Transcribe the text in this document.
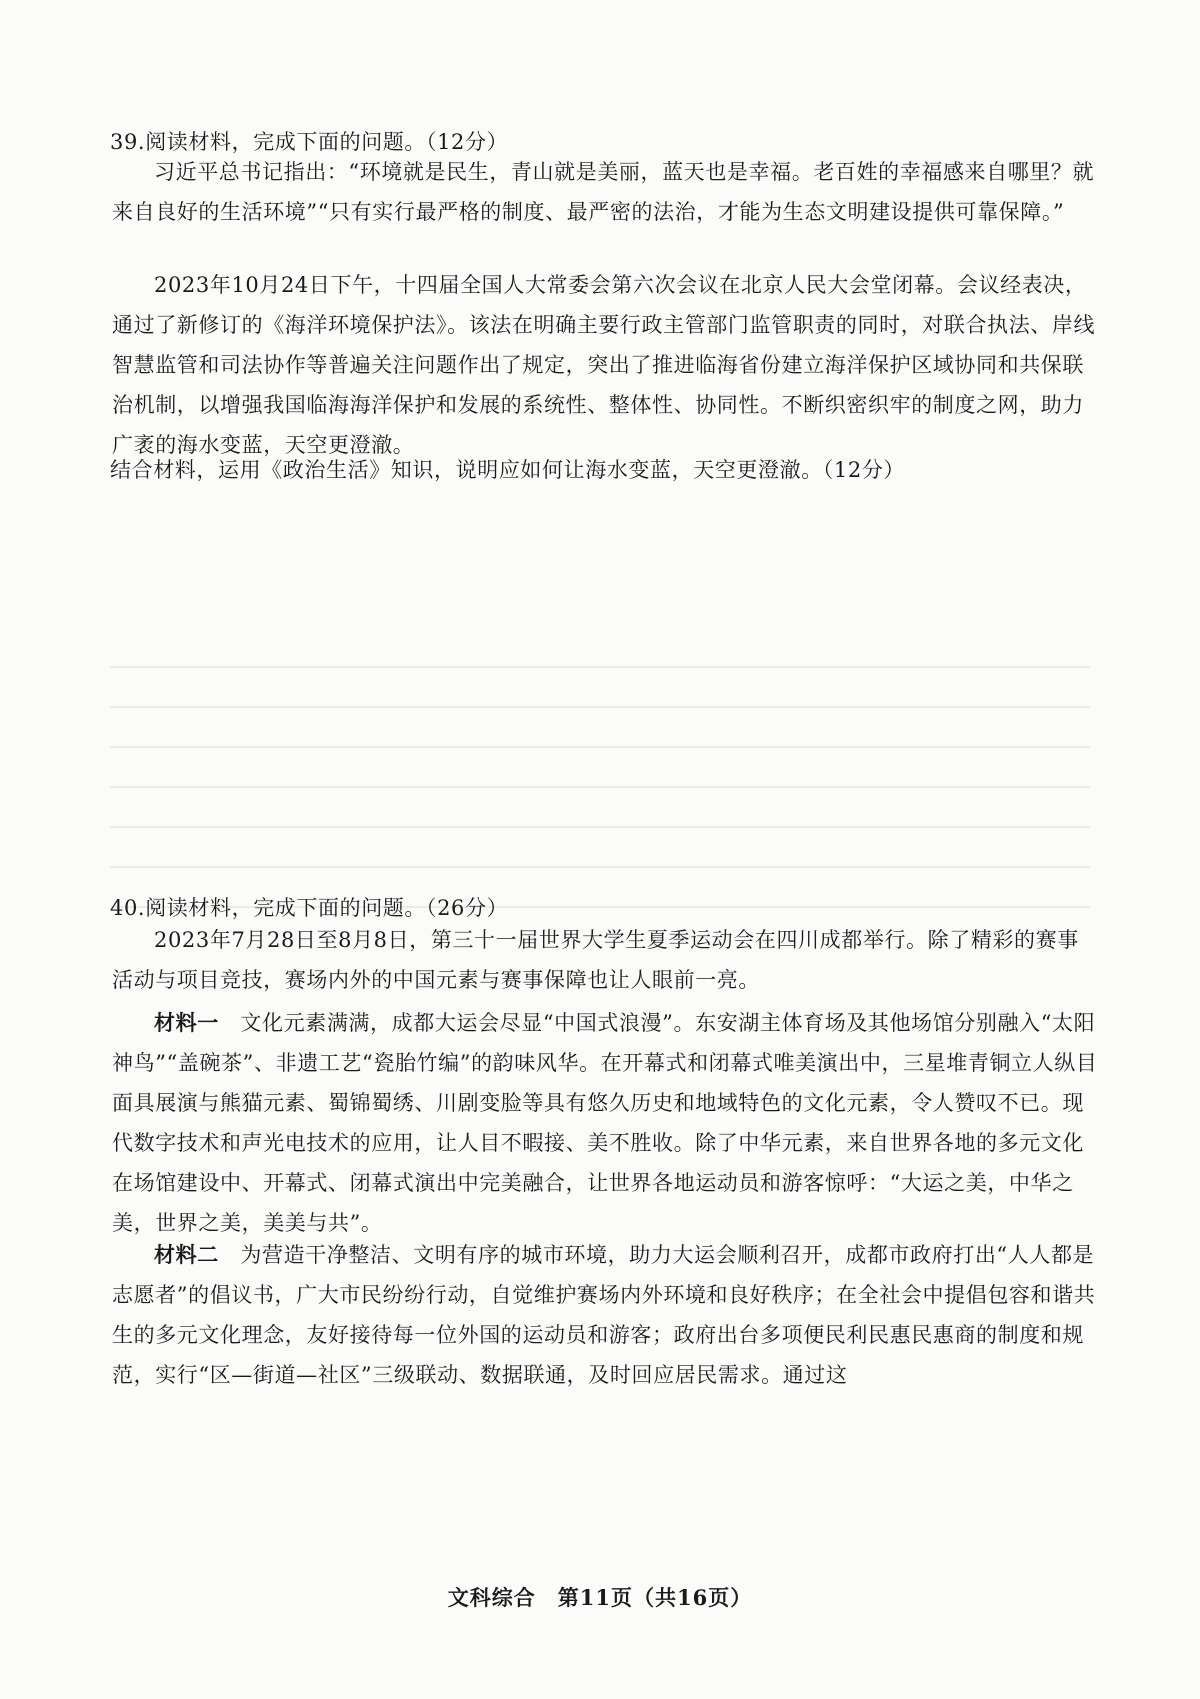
39.阅读材料，完成下面的问题。（12分）

习近平总书记指出：“环境就是民生，青山就是美丽，蓝天也是幸福。老百姓的幸福感来自哪里？就来自良好的生活环境”“只有实行最严格的制度、最严密的法治，才能为生态文明建设提供可靠保障。”

2023年10月24日下午，十四届全国人大常委会第六次会议在北京人民大会堂闭幕。会议经表决，通过了新修订的《海洋环境保护法》。该法在明确主要行政主管部门监管职责的同时，对联合执法、岸线智慧监管和司法协作等普遍关注问题作出了规定，突出了推进临海省份建立海洋保护区域协同和共保联治机制，以增强我国临海海洋保护和发展的系统性、整体性、协同性。不断织密织牢的制度之网，助力广袤的海水变蓝，天空更澄澈。

结合材料，运用《政治生活》知识，说明应如何让海水变蓝，天空更澄澈。（12分）

40.阅读材料，完成下面的问题。（26分）

2023年7月28日至8月8日，第三十一届世界大学生夏季运动会在四川成都举行。除了精彩的赛事活动与项目竞技，赛场内外的中国元素与赛事保障也让人眼前一亮。

材料一　 文化元素满满，成都大运会尽显“中国式浪漫”。东安湖主体育场及其他场馆分别融入“太阳神鸟”“盖碗茶”、非遗工艺“瓷胎竹编”的韵味风华。在开幕式和闭幕式唯美演出中，三星堆青铜立人纵目面具展演与熊猫元素、蜀锦蜀绣、川剧变脸等具有悠久历史和地域特色的文化元素，令人赞叹不已。现代数字技术和声光电技术的应用，让人目不暇接、美不胜收。除了中华元素，来自世界各地的多元文化在场馆建设中、开幕式、闭幕式演出中完美融合，让世界各地运动员和游客惊呼：“大运之美，中华之美，世界之美，美美与共”。

材料二　 为营造干净整洁、文明有序的城市环境，助力大运会顺利召开，成都市政府打出“人人都是志愿者”的倡议书，广大市民纷纷行动，自觉维护赛场内外环境和良好秩序；在全社会中提倡包容和谐共生的多元文化理念，友好接待每一位外国的运动员和游客；政府出台多项便民利民惠民惠商的制度和规范，实行“区—街道—社区”三级联动、数据联通，及时回应居民需求。通过这

文科综合　第11页（共16页）
